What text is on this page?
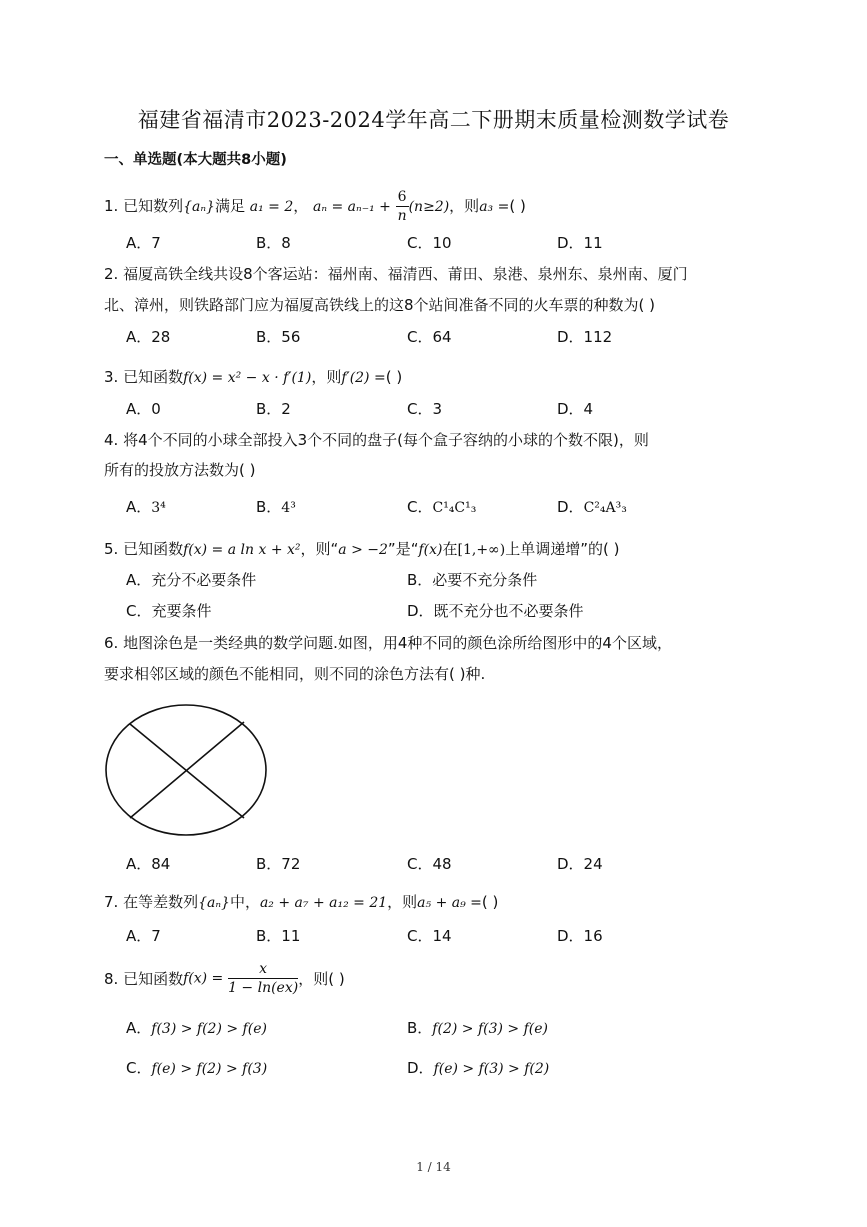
福建省福清市2023-2024学年高二下册期末质量检测数学试卷
一、单选题(本大题共8小题)
1. 已知数列{aₙ}满足 a₁ = 2， $a_n = a_{n-1} + \frac{6}{n} (n\ge 2)$，则a₃ =( )
A．7	B．8	C．10	D．11
2. 福厦高铁全线共设8个客运站：福州南、福清西、莆田、泉港、泉州东、泉州南、厦门
北、漳州，则铁路部门应为福厦高铁线上的这8个站间准备不同的火车票的种数为( )
A．28	B．56	C．64	D．112
3. 已知函数f(x) = x² − x · f′(1)，则f′(2) =( )
A．0	B．2	C．3	D．4
4. 将4个不同的小球全部投入3个不同的盘子(每个盒子容纳的小球的个数不限)，则
所有的投放方法数为( )
A．3⁴	B．4³	C．C¹₄C¹₃	D．C²₄A³₃
5. 已知函数f(x) = a ln x + x²，则“a > −2”是“f(x)在[1,+∞)上单调递增”的( )
A．充分不必要条件	B．必要不充分条件
C．充要条件	D．既不充分也不必要条件
6. 地图涂色是一类经典的数学问题.如图，用4种不同的颜色涂所给图形中的4个区域，
要求相邻区域的颜色不能相同，则不同的涂色方法有( )种.
A．84	B．72	C．48	D．24
7. 在等差数列{aₙ}中，a₂ + a₇ + a₁₂ = 21，则a₅ + a₉ =( )
A．7	B．11	C．14	D．16
8. 已知函数$f(x) = \frac{x}{1 - \ln(ex)}$ ，则( )
A．f(3) > f(2) > f(e)	B．f(2) > f(3) > f(e)
C．f(e) > f(2) > f(3)	D．f(e) > f(3) > f(2)
1 / 14
